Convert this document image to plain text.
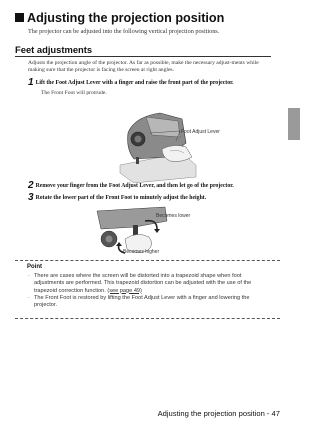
Adjusting the projection position
The projector can be adjusted into the following vertical projection positions.
Feet adjustments
Adjusts the projection angle of the projector. As far as possible, make the necessary adjust-ments while making sure that the projector is facing the screen at right angles.
1 Lift the Foot Adjust Lever with a finger and raise the front part of the projector.
The Front Foot will protrude.
Foot Adjust Lever
2 Remove your finger from the Foot Adjust Lever, and then let go of the projector.
3 Rotate the lower part of the Front Foot to minutely adjust the height.
Becomes lower
Becomes higher
Point
· There are cases where the screen will be distorted into a trapezoid shape when foot adjustments are performed. This trapezoid distortion can be adjusted with the use of the trapezoid correction function. (see page 49)
· The Front Foot is restored by lifting the Foot Adjust Lever with a finger and lowering the projector.
Adjusting the projection position - 47
